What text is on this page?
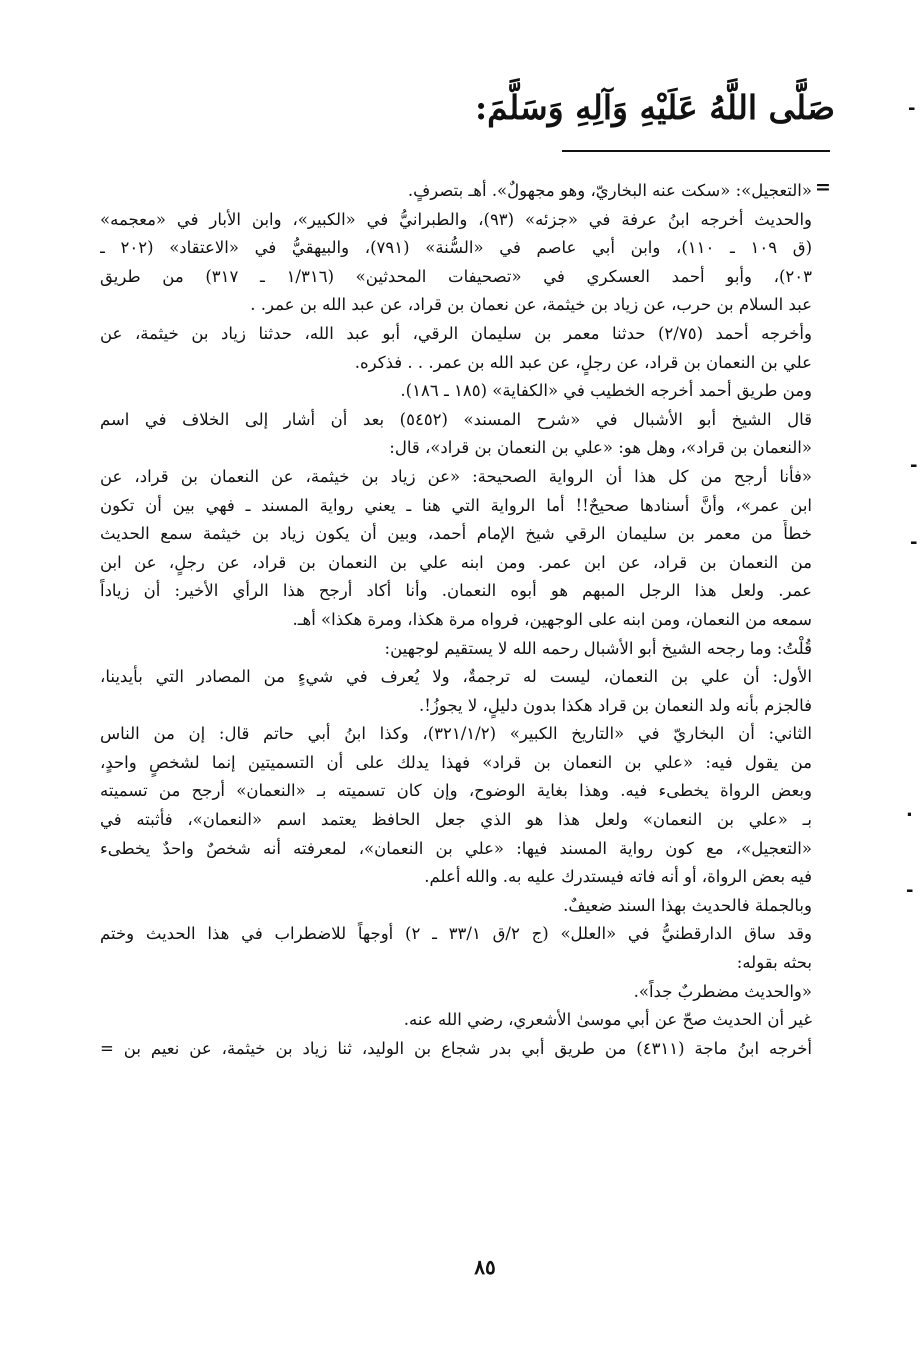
صَلَّى اللَّهُ عَلَيْهِ وَآلِهِ وَسَلَّمَ:
=
-
-
-
.
-
«التعجيل»: «سكت عنه البخاريّ، وهو مجهولٌ». أهـ بتصرفٍ.
والحديث أخرجه ابنُ عرفة في «جزئه» (٩٣)، والطبرانيُّ في «الكبير»، وابن الأبار في «معجمه»
(ق ١٠٩ ـ ١١٠)، وابن أبي عاصم في «السُّنة» (٧٩١)، والبيهقيُّ في «الاعتقاد» (٢٠٢ ـ
٢٠٣)، وأبو أحمد العسكري في «تصحيفات المحدثين» (١/٣١٦ ـ ٣١٧) من طريق
عبد السلام بن حرب، عن زياد بن خيثمة، عن نعمان بن قراد، عن عبد الله بن عمر. .
وأخرجه أحمد (٢/٧٥) حدثنا معمر بن سليمان الرقي، أبو عبد الله، حدثنا زياد بن خيثمة، عن
علي بن النعمان بن قراد، عن رجلٍ، عن عبد الله بن عمر. . . فذكره.
ومن طريق أحمد أخرجه الخطيب في «الكفاية» (١٨٥ ـ ١٨٦).
قال الشيخ أبو الأشبال في «شرح المسند» (٥٤٥٢) بعد أن أشار إلى الخلاف في اسم
«النعمان بن قراد»، وهل هو: «علي بن النعمان بن قراد»، قال:
«فأنا أرجح من كل هذا أن الرواية الصحيحة: «عن زياد بن خيثمة، عن النعمان بن قراد، عن
ابن عمر»، وأنَّ أسنادها صحيحٌ!! أما الرواية التي هنا ـ يعني رواية المسند ـ فهي بين أن تكون
خطأً من معمر بن سليمان الرقي شيخ الإمام أحمد، وبين أن يكون زياد بن خيثمة سمع الحديث
من النعمان بن قراد، عن ابن عمر. ومن ابنه علي بن النعمان بن قراد، عن رجلٍ، عن ابن
عمر. ولعل هذا الرجل المبهم هو أبوه النعمان. وأنا أكاد أرجح هذا الرأي الأخير: أن زياداً
سمعه من النعمان، ومن ابنه على الوجهين، فرواه مرة هكذا، ومرة هكذا» أهـ.
قُلْتُ: وما رجحه الشيخ أبو الأشبال رحمه الله لا يستقيم لوجهين:
الأول: أن علي بن النعمان، ليست له ترجمةٌ، ولا يُعرف في شيءٍ من المصادر التي بأيدينا،
فالجزم بأنه ولد النعمان بن قراد هكذا بدون دليلٍ، لا يجوزُ!.
الثاني: أن البخاريّ في «التاريخ الكبير» (٣٢١/١/٢)، وكذا ابنُ أبي حاتم قال: إن من الناس
من يقول فيه: «علي بن النعمان بن قراد» فهذا يدلك على أن التسميتين إنما لشخصٍ واحدٍ،
وبعض الرواة يخطىء فيه. وهذا بغاية الوضوح، وإن كان تسميته بـ «النعمان» أرجح من تسميته
بـ «علي بن النعمان» ولعل هذا هو الذي جعل الحافظ يعتمد اسم «النعمان»، فأثبته في
«التعجيل»، مع كون رواية المسند فيها: «علي بن النعمان»، لمعرفته أنه شخصٌ واحدٌ يخطىء
فيه بعض الرواة، أو أنه فاته فيستدرك عليه به. والله أعلم.
وبالجملة فالحديث بهذا السند ضعيفٌ.
وقد ساق الدارقطنيُّ في «العلل» (ج ٢/ق ٣٣/١ ـ ٢) أوجهاً للاضطراب في هذا الحديث وختم
بحثه بقوله:
«والحديث مضطربٌ جداً».
غير أن الحديث صحّ عن أبي موسىٰ الأشعري، رضي الله عنه.
أخرجه ابنُ ماجة (٤٣١١) من طريق أبي بدر شجاع بن الوليد، ثنا زياد بن خيثمة، عن نعيم بن =
٨٥
